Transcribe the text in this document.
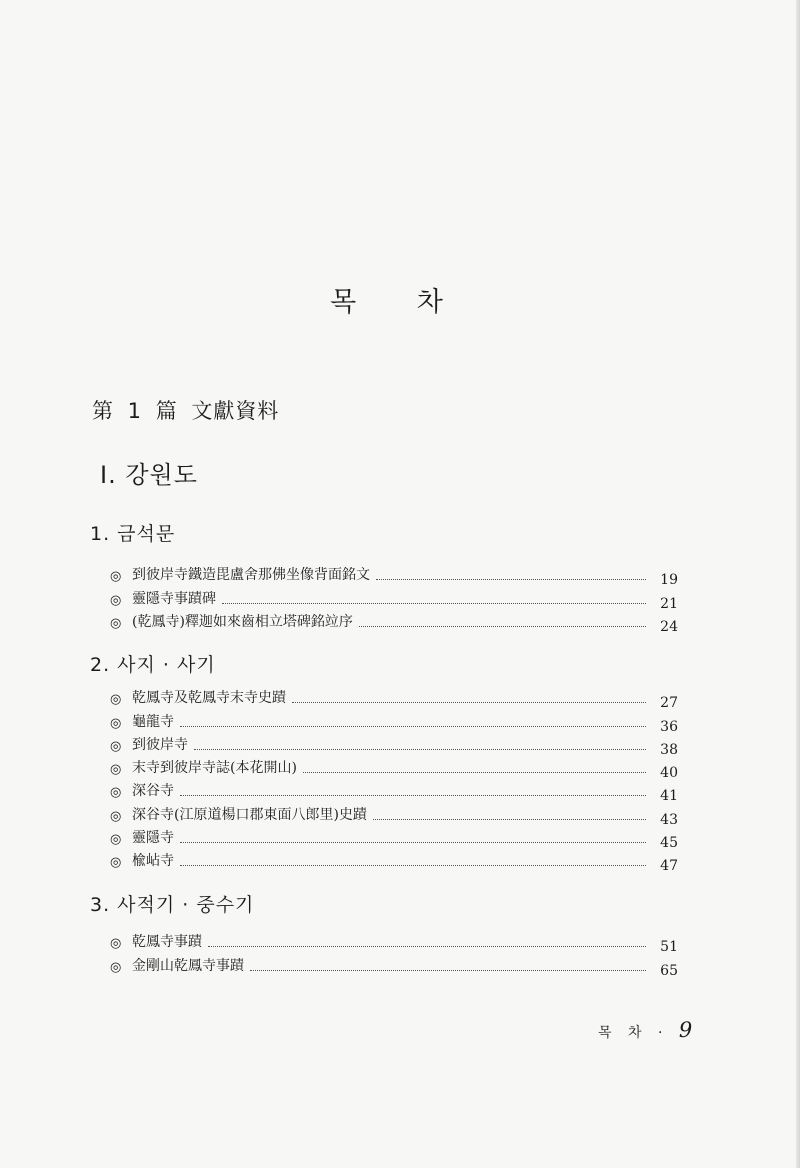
목 차
第 1 篇 文獻資料
Ⅰ. 강원도
1. 금석문
◎ 到彼岸寺鐵造毘盧舍那佛坐像背面銘文	19
◎ 靈隱寺事蹟碑	21
◎ (乾鳳寺)釋迦如來齒相立塔碑銘竝序	24
2. 사지 · 사기
◎ 乾鳳寺及乾鳳寺末寺史蹟	27
◎ 龜龍寺	36
◎ 到彼岸寺	38
◎ 末寺到彼岸寺誌(本花開山)	40
◎ 深谷寺	41
◎ 深谷寺(江原道楊口郡東面八郎里)史蹟	43
◎ 靈隱寺	45
◎ 楡岾寺	47
3. 사적기 · 중수기
◎ 乾鳳寺事蹟	51
◎ 金剛山乾鳳寺事蹟	65
목 차 · 9
